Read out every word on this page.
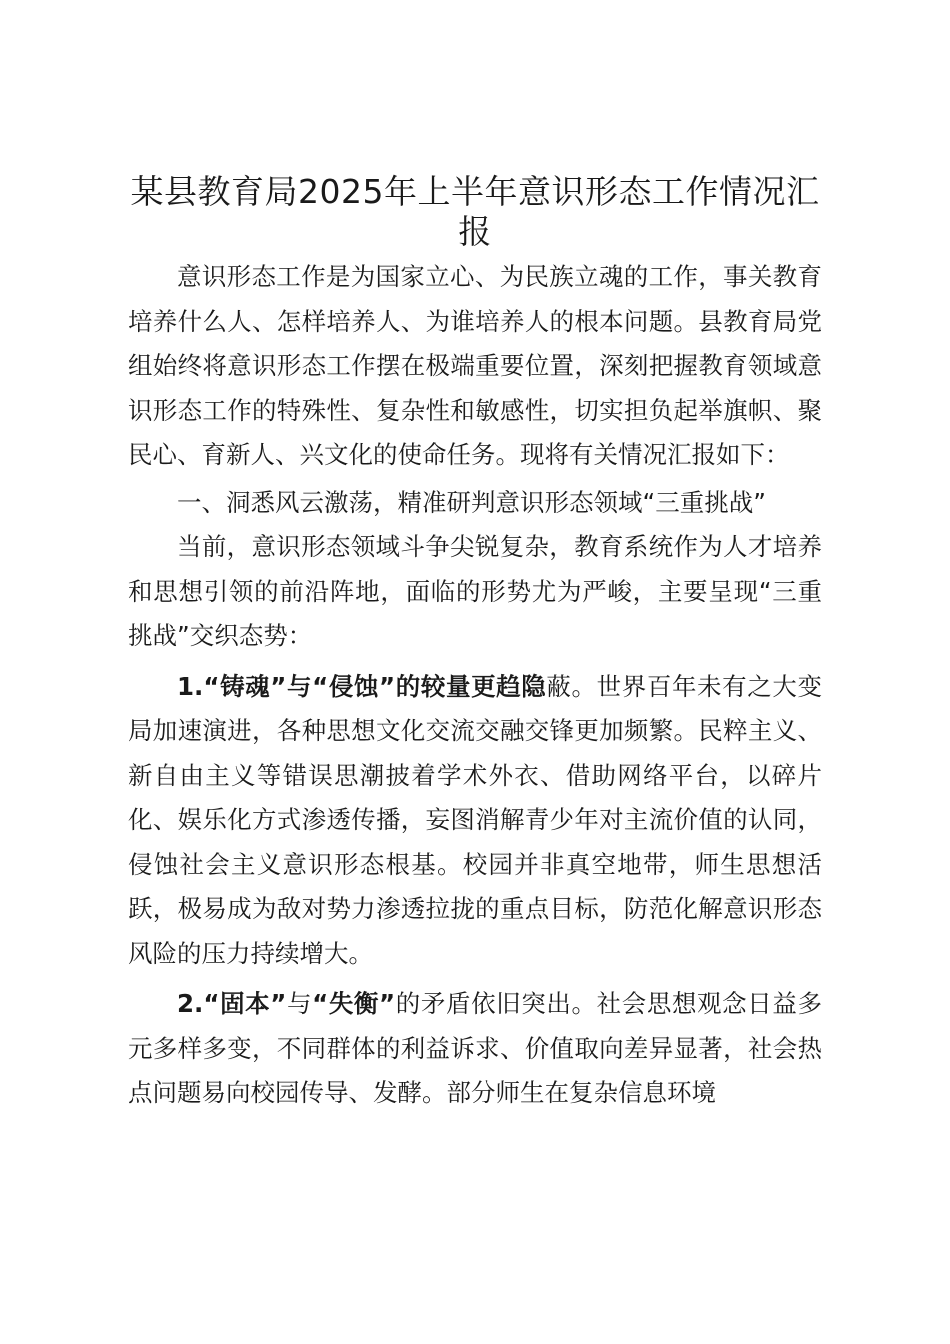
某县教育局2025年上半年意识形态工作情况汇报

意识形态工作是为国家立心、为民族立魂的工作，事关教育培养什么人、怎样培养人、为谁培养人的根本问题。县教育局党组始终将意识形态工作摆在极端重要位置，深刻把握教育领域意识形态工作的特殊性、复杂性和敏感性，切实担负起举旗帜、聚民心、育新人、兴文化的使命任务。现将有关情况汇报如下：

一、洞悉风云激荡，精准研判意识形态领域“三重挑战”

当前，意识形态领域斗争尖锐复杂，教育系统作为人才培养和思想引领的前沿阵地，面临的形势尤为严峻，主要呈现“三重挑战”交织态势：

1.“铸魂”与“侵蚀”的较量更趋隐蔽。世界百年未有之大变局加速演进，各种思想文化交流交融交锋更加频繁。民粹主义、新自由主义等错误思潮披着学术外衣、借助网络平台，以碎片化、娱乐化方式渗透传播，妄图消解青少年对主流价值的认同，侵蚀社会主义意识形态根基。校园并非真空地带，师生思想活跃，极易成为敌对势力渗透拉拢的重点目标，防范化解意识形态风险的压力持续增大。

2.“固本”与“失衡”的矛盾依旧突出。社会思想观念日益多元多样多变，不同群体的利益诉求、价值取向差异显著，社会热点问题易向校园传导、发酵。部分师生在复杂信息环境
